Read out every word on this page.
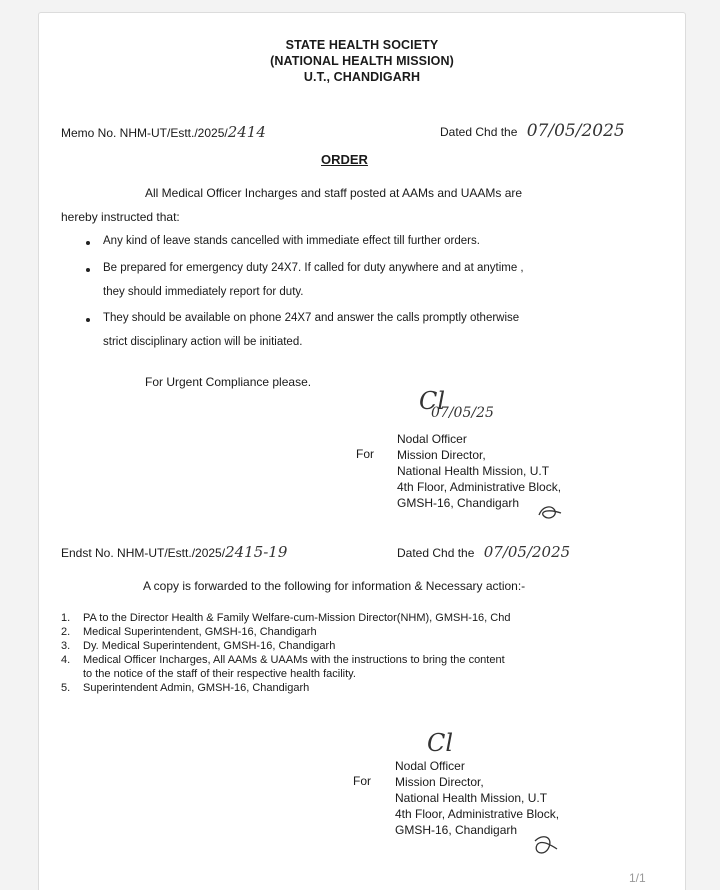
STATE HEALTH SOCIETY
(NATIONAL HEALTH MISSION)
U.T., CHANDIGARH
Memo No. NHM-UT/Estt./2025/2414	Dated Chd the 07/05/2025
ORDER
All Medical Officer Incharges and staff posted at AAMs and UAAMs are
hereby instructed that:
Any kind of leave stands cancelled with immediate effect till further orders.
Be prepared for emergency duty 24X7. If called for duty anywhere and at anytime ,
they should immediately report for duty.
They should be available on phone 24X7 and answer the calls promptly otherwise
strict disciplinary action will be initiated.
For Urgent Compliance please.
Cl
07/05/25
For
Nodal Officer
Mission Director,
National Health Mission, U.T
4th Floor, Administrative Block,
GMSH-16, Chandigarh
Endst No. NHM-UT/Estt./2025/2415-19	Dated Chd the 07/05/2025
A copy is forwarded to the following for information & Necessary action:-
1. PA to the Director Health & Family Welfare-cum-Mission Director(NHM), GMSH-16, Chd
2. Medical Superintendent, GMSH-16, Chandigarh
3. Dy. Medical Superintendent, GMSH-16, Chandigarh
4. Medical Officer Incharges, All AAMs & UAAMs with the instructions to bring the content
to the notice of the staff of their respective health facility.
5. Superintendent Admin, GMSH-16, Chandigarh
Cl
For
Nodal Officer
Mission Director,
National Health Mission, U.T
4th Floor, Administrative Block,
GMSH-16, Chandigarh
1/1
